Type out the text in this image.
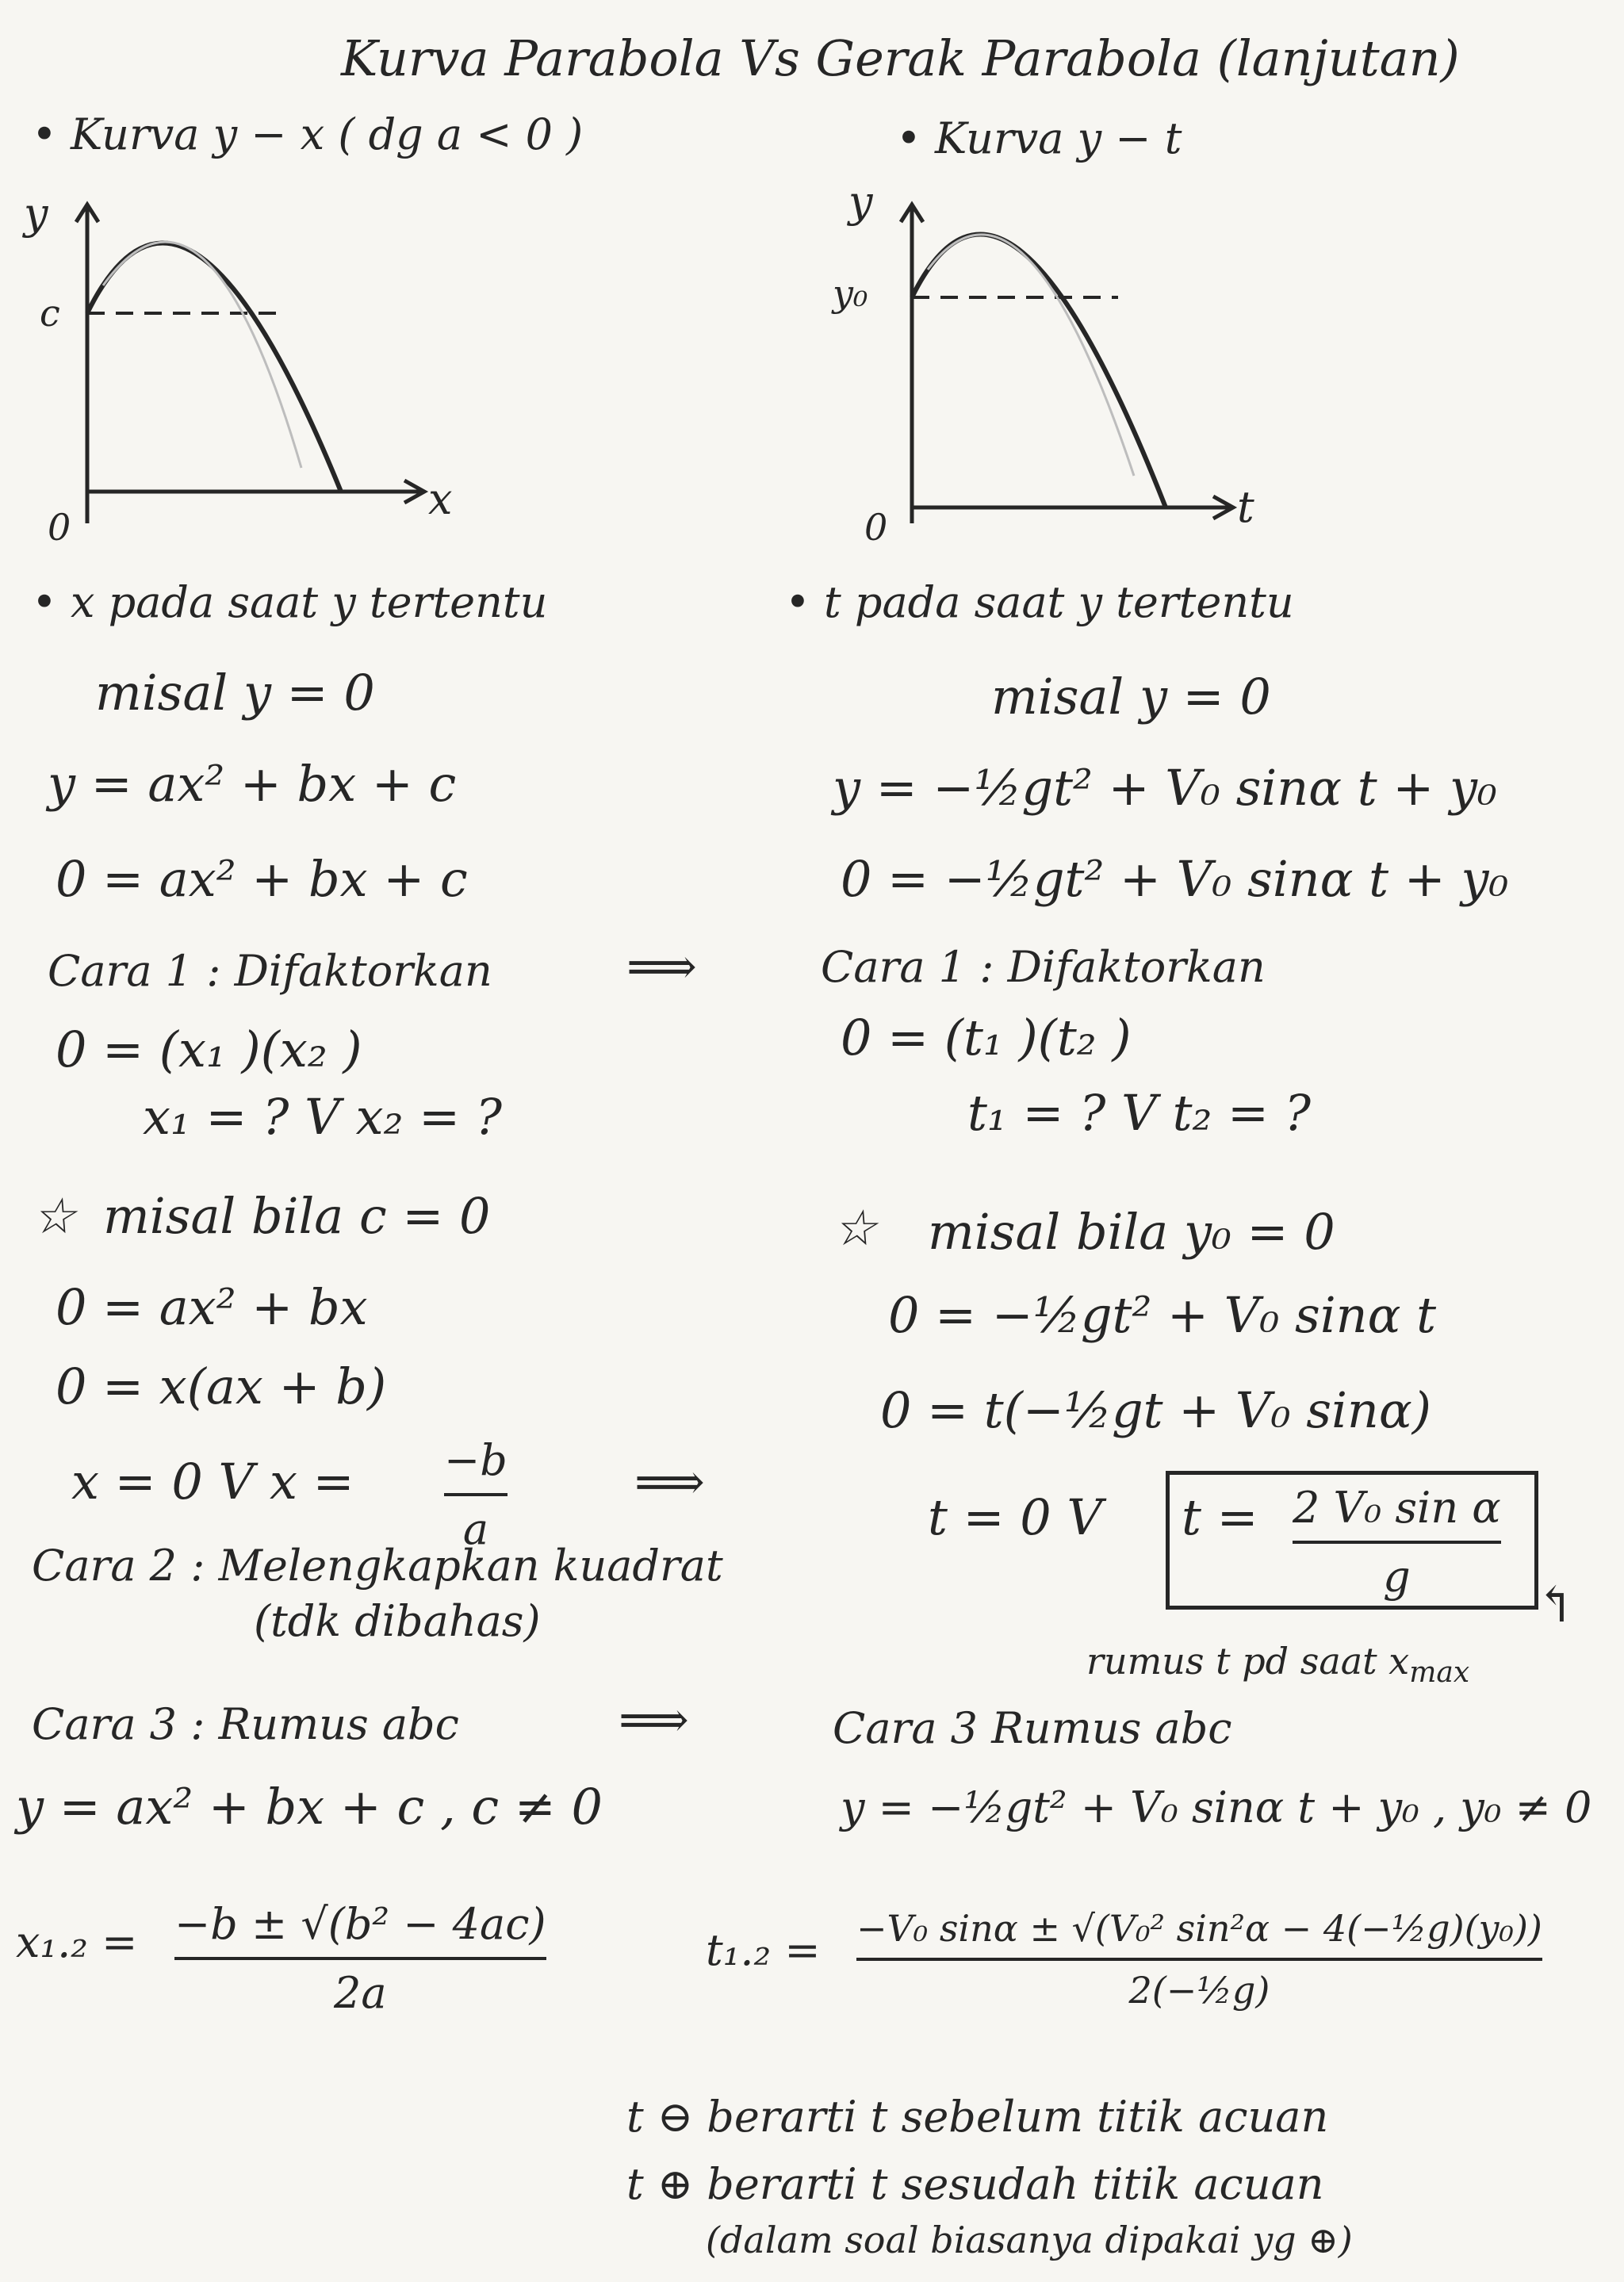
Kurva Parabola Vs Gerak Parabola (lanjutan)
• Kurva y − x ( dg a < 0 )
y
c
0
x
• x pada saat y tertentu
misal y = 0
y = ax² + bx + c
0 = ax² + bx + c
Cara 1 : Difaktorkan
0 = (x₁ )(x₂ )
x₁ = ? V x₂ = ?
☆ misal bila c = 0
0 = ax² + bx
0 = x(ax + b)
x = 0 V x = −b
a
Cara 2 : Melengkapkan kuadrat
(tdk dibahas)
Cara 3 : Rumus abc
y = ax² + bx + c , c ≠ 0
x₁.₂ = −b ± √(b² − 4ac)
2a
⟹
⟹
⟹
• Kurva y − t
y
y₀
0	t
• t pada saat y tertentu
misal y = 0
y = −½gt² + V₀ sinα t + y₀
0 = −½gt² + V₀ sinα t + y₀
Cara 1 : Difaktorkan
0 = (t₁ )(t₂ )
t₁ = ? V t₂ = ?
☆ misal bila y₀ = 0
0 = −½gt² + V₀ sinα t
0 = t(−½gt + V₀ sinα)
t = 0 V t = 2 V₀ sin α
g	↰
rumus t pd saat $x_{max}$
Cara 3 Rumus abc
y = −½gt² + V₀ sinα t + y₀ , y₀ ≠ 0
t₁.₂ = −V₀ sinα ± √(V₀² sin²α − 4(−½g)(y₀))
2(−½g)
t ⊖ berarti t sebelum titik acuan
t ⊕ berarti t sesudah titik acuan
(dalam soal biasanya dipakai yg ⊕)
